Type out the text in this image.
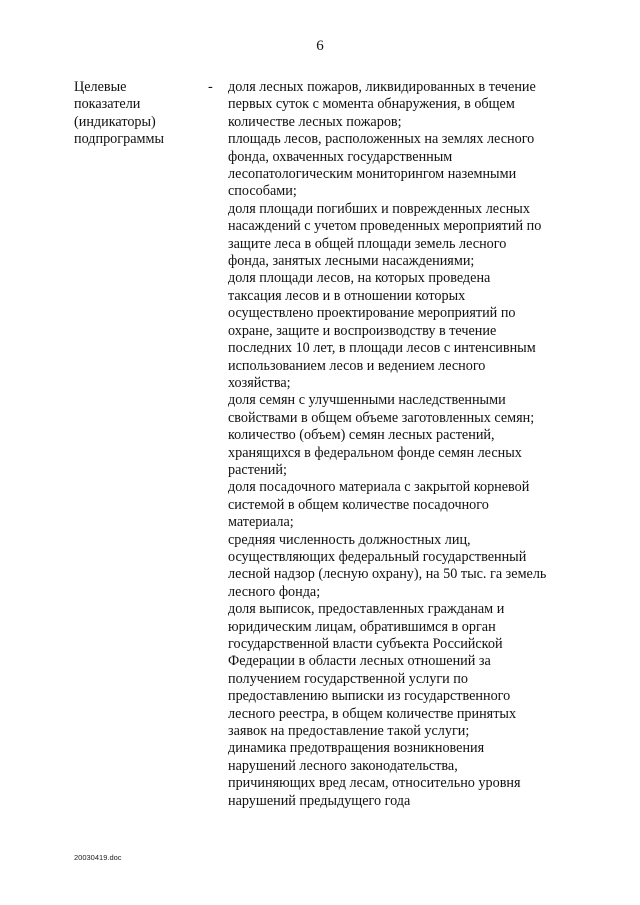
6
Целевые
показатели
(индикаторы)
подпрограммы
- доля лесных пожаров, ликвидированных в течение
первых суток с момента обнаружения, в общем
количестве лесных пожаров;
площадь лесов, расположенных на землях лесного
фонда, охваченных государственным
лесопатологическим мониторингом наземными
способами;
доля площади погибших и поврежденных лесных
насаждений с учетом проведенных мероприятий по
защите леса в общей площади земель лесного
фонда, занятых лесными насаждениями;
доля площади лесов, на которых проведена
таксация лесов и в отношении которых
осуществлено проектирование мероприятий по
охране, защите и воспроизводству в течение
последних 10 лет, в площади лесов с интенсивным
использованием лесов и ведением лесного
хозяйства;
доля семян с улучшенными наследственными
свойствами в общем объеме заготовленных семян;
количество (объем) семян лесных растений,
хранящихся в федеральном фонде семян лесных
растений;
доля посадочного материала с закрытой корневой
системой в общем количестве посадочного
материала;
средняя численность должностных лиц,
осуществляющих федеральный государственный
лесной надзор (лесную охрану), на 50 тыс. га земель
лесного фонда;
доля выписок, предоставленных гражданам и
юридическим лицам, обратившимся в орган
государственной власти субъекта Российской
Федерации в области лесных отношений за
получением государственной услуги по
предоставлению выписки из государственного
лесного реестра, в общем количестве принятых
заявок на предоставление такой услуги;
динамика предотвращения возникновения
нарушений лесного законодательства,
причиняющих вред лесам, относительно уровня
нарушений предыдущего года
20030419.doc
